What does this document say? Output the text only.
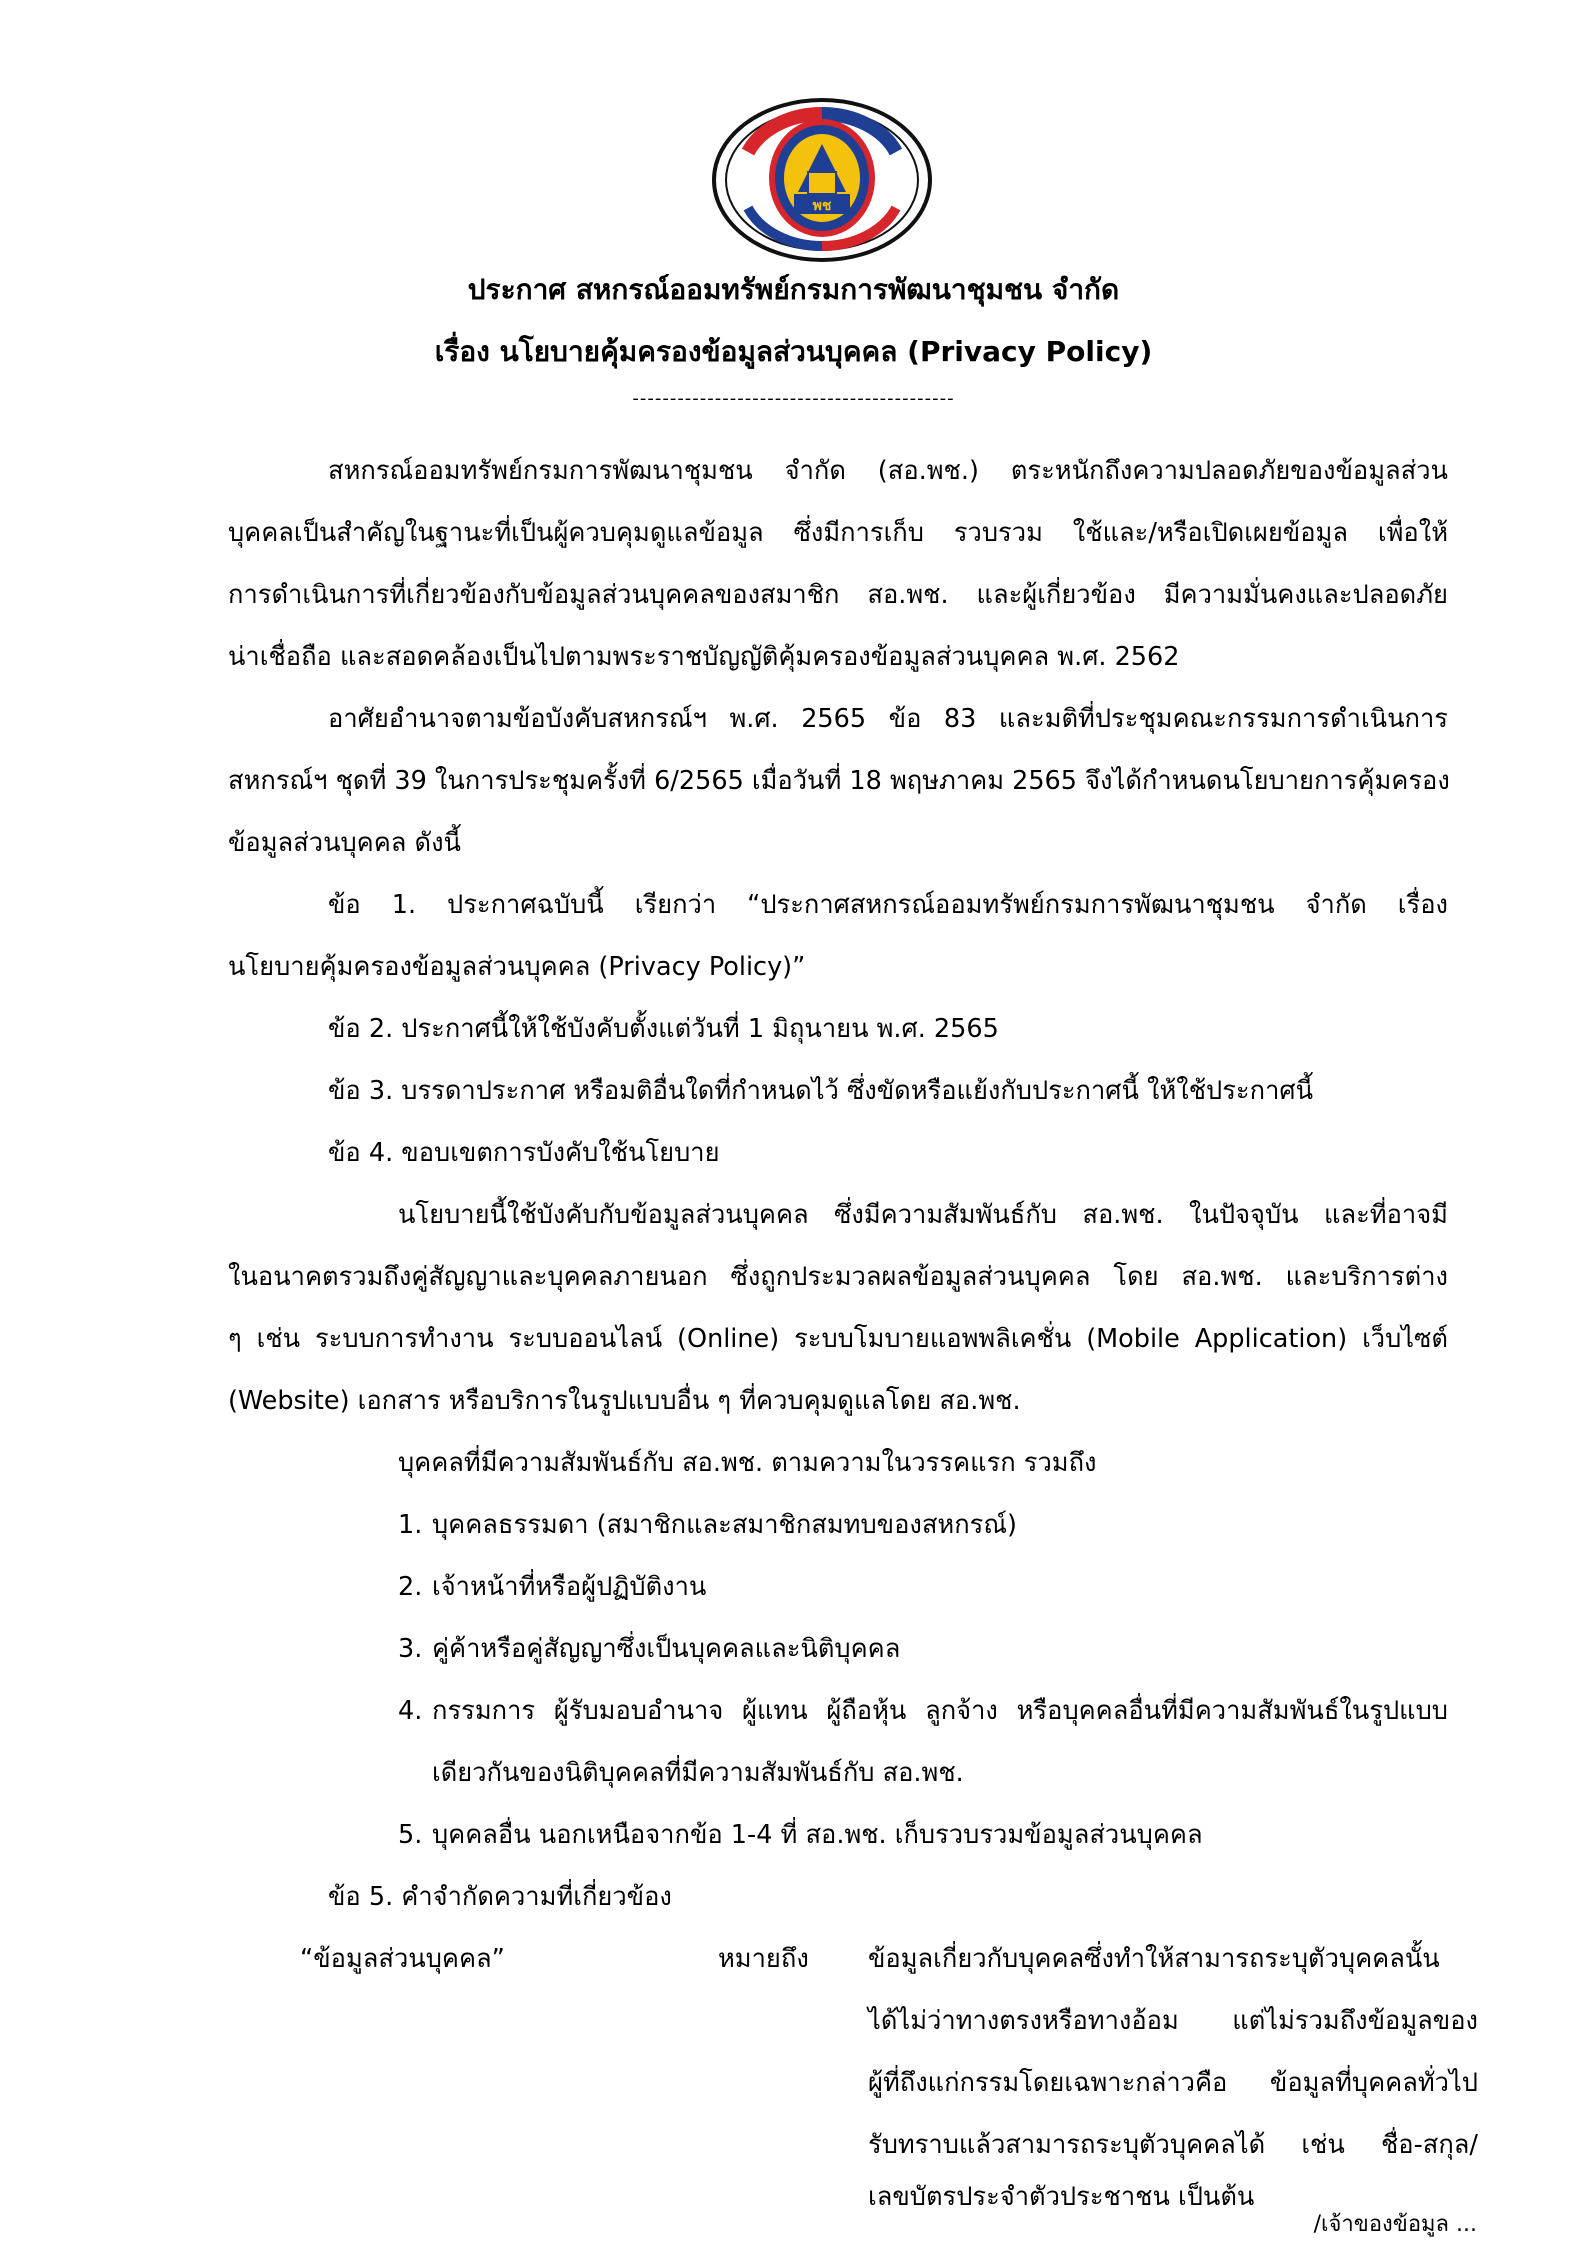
พช
ประกาศ สหกรณ์ออมทรัพย์กรมการพัฒนาชุมชน จำกัด
เรื่อง นโยบายคุ้มครองข้อมูลส่วนบุคคล (Privacy Policy)
-------------------------------------------
สหกรณ์ออมทรัพย์กรมการพัฒนาชุมชน จำกัด (สอ.พช.) ตระหนักถึงความปลอดภัยของข้อมูลส่วน
บุคคลเป็นสำคัญในฐานะที่เป็นผู้ควบคุมดูแลข้อมูล ซึ่งมีการเก็บ รวบรวม ใช้และ/หรือเปิดเผยข้อมูล เพื่อให้
การดำเนินการที่เกี่ยวข้องกับข้อมูลส่วนบุคคลของสมาชิก สอ.พช. และผู้เกี่ยวข้อง มีความมั่นคงและปลอดภัย
น่าเชื่อถือ และสอดคล้องเป็นไปตามพระราชบัญญัติคุ้มครองข้อมูลส่วนบุคคล พ.ศ. 2562
อาศัยอำนาจตามข้อบังคับสหกรณ์ฯ พ.ศ. 2565 ข้อ 83 และมติที่ประชุมคณะกรรมการดำเนินการ
สหกรณ์ฯ ชุดที่ 39 ในการประชุมครั้งที่ 6/2565 เมื่อวันที่ 18 พฤษภาคม 2565 จึงได้กำหนดนโยบายการคุ้มครอง
ข้อมูลส่วนบุคคล ดังนี้
ข้อ 1. ประกาศฉบับนี้ เรียกว่า “ประกาศสหกรณ์ออมทรัพย์กรมการพัฒนาชุมชน จำกัด เรื่อง
นโยบายคุ้มครองข้อมูลส่วนบุคคล (Privacy Policy)”
ข้อ 2. ประกาศนี้ให้ใช้บังคับตั้งแต่วันที่ 1 มิถุนายน พ.ศ. 2565
ข้อ 3. บรรดาประกาศ หรือมติอื่นใดที่กำหนดไว้ ซึ่งขัดหรือแย้งกับประกาศนี้ ให้ใช้ประกาศนี้
ข้อ 4. ขอบเขตการบังคับใช้นโยบาย
นโยบายนี้ใช้บังคับกับข้อมูลส่วนบุคคล ซึ่งมีความสัมพันธ์กับ สอ.พช. ในปัจจุบัน และที่อาจมี
ในอนาคตรวมถึงคู่สัญญาและบุคคลภายนอก ซึ่งถูกประมวลผลข้อมูลส่วนบุคคล โดย สอ.พช. และบริการต่าง
ๆ เช่น ระบบการทำงาน ระบบออนไลน์ (Online) ระบบโมบายแอพพลิเคชั่น (Mobile Application) เว็บไซต์
(Website) เอกสาร หรือบริการในรูปแบบอื่น ๆ ที่ควบคุมดูแลโดย สอ.พช.
บุคคลที่มีความสัมพันธ์กับ สอ.พช. ตามความในวรรคแรก รวมถึง
1. บุคคลธรรมดา (สมาชิกและสมาชิกสมทบของสหกรณ์)
2. เจ้าหน้าที่หรือผู้ปฏิบัติงาน
3. คู่ค้าหรือคู่สัญญาซึ่งเป็นบุคคลและนิติบุคคล
4. กรรมการ ผู้รับมอบอำนาจ ผู้แทน ผู้ถือหุ้น ลูกจ้าง หรือบุคคลอื่นที่มีความสัมพันธ์ในรูปแบบ
เดียวกันของนิติบุคคลที่มีความสัมพันธ์กับ สอ.พช.
5. บุคคลอื่น นอกเหนือจากข้อ 1-4 ที่ สอ.พช. เก็บรวบรวมข้อมูลส่วนบุคคล
ข้อ 5. คำจำกัดความที่เกี่ยวข้อง
“ข้อมูลส่วนบุคคล”	หมายถึง ข้อมูลเกี่ยวกับบุคคลซึ่งทำให้สามารถระบุตัวบุคคลนั้น
ได้ไม่ว่าทางตรงหรือทางอ้อม แต่ไม่รวมถึงข้อมูลของ
ผู้ที่ถึงแก่กรรมโดยเฉพาะกล่าวคือ ข้อมูลที่บุคคลทั่วไป
รับทราบแล้วสามารถระบุตัวบุคคลได้ เช่น ชื่อ-สกุล/
เลขบัตรประจำตัวประชาชน เป็นต้น
/เจ้าของข้อมูล ...
